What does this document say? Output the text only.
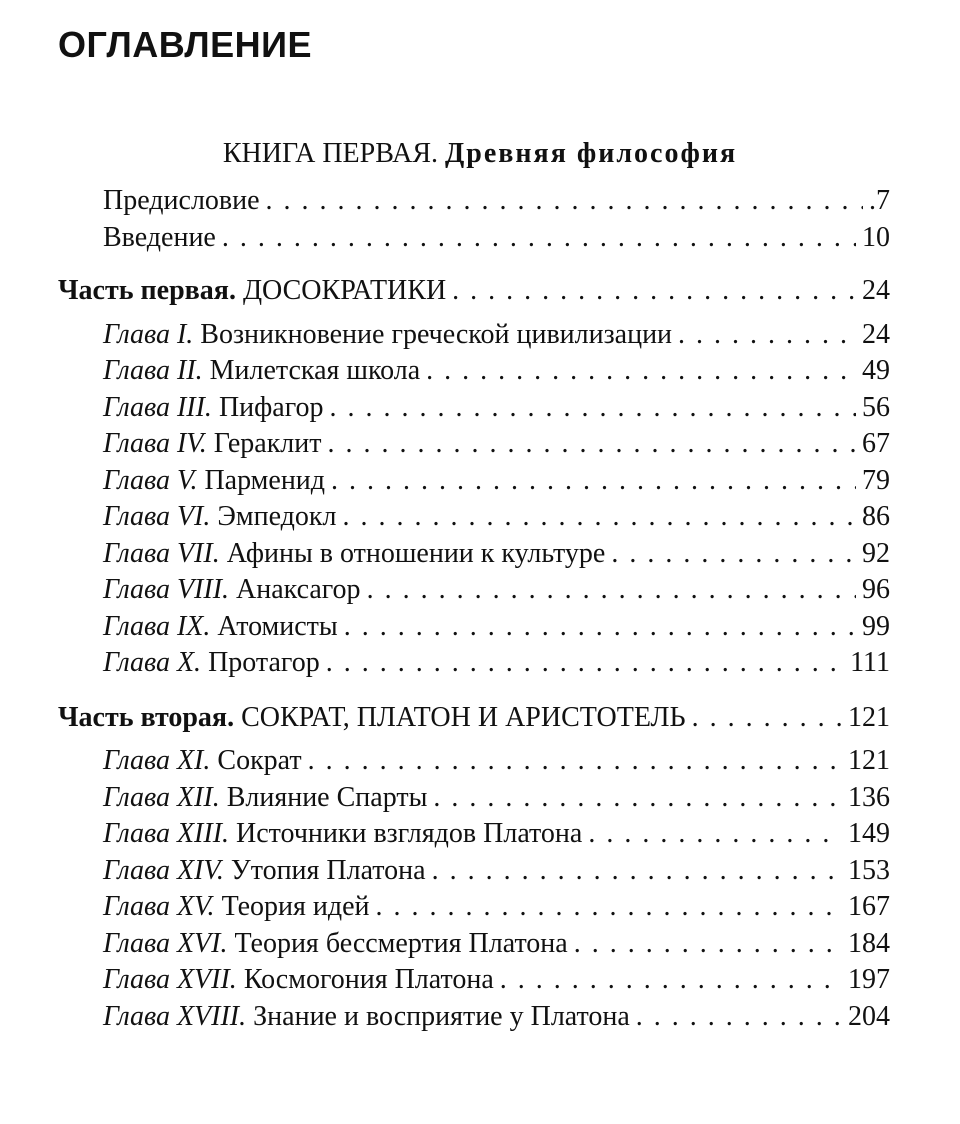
ОГЛАВЛЕНИЕ
КНИГА ПЕРВАЯ. Древняя философия
Предисловие . . .	.7
Введение . . .	10
Часть первая. ДОСОКРАТИКИ . . .	24
Глава I. Возникновение греческой цивилизации . . .	24
Глава II. Милетская школа . . .	49
Глава III. Пифагор . . .	56
Глава IV. Гераклит . . .	67
Глава V. Парменид . . .	79
Глава VI. Эмпедокл . . .	86
Глава VII. Афины в отношении к культуре . . .	92
Глава VIII. Анаксагор . . .	96
Глава IX. Атомисты . . .	99
Глава X. Протагор . . .	111
Часть вторая. СОКРАТ, ПЛАТОН И АРИСТОТЕЛЬ . . .	121
Глава XI. Сократ . . .	121
Глава XII. Влияние Спарты . . .	136
Глава XIII. Источники взглядов Платона . . .	149
Глава XIV. Утопия Платона . . .	153
Глава XV. Теория идей . . .	167
Глава XVI. Теория бессмертия Платона . . .	184
Глава XVII. Космогония Платона . . .	197
Глава XVIII. Знание и восприятие у Платона . . .	204
